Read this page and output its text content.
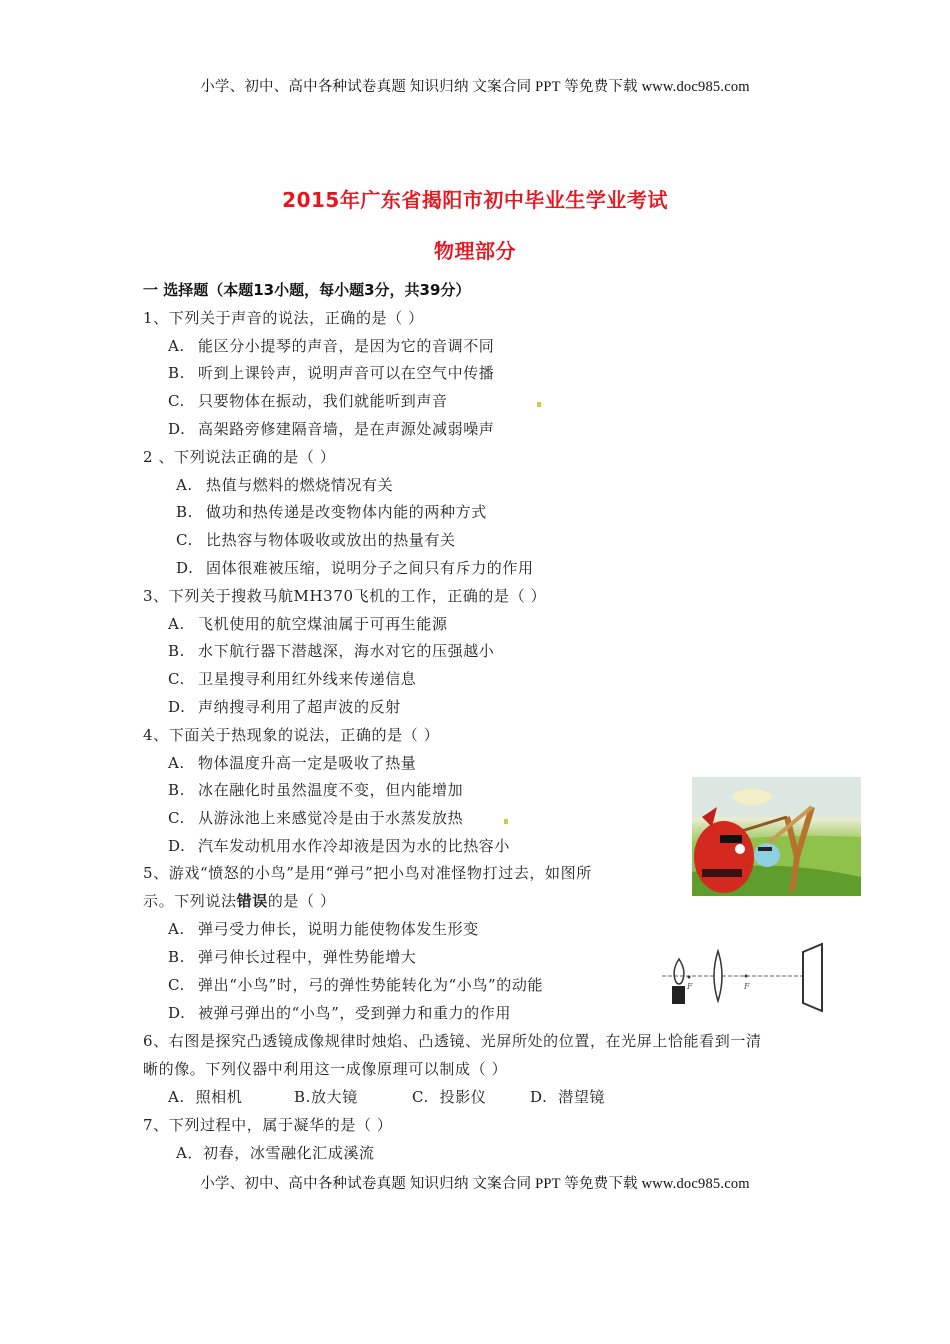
小学、初中、高中各种试卷真题 知识归纳 文案合同 PPT 等免费下载 www.doc985.com
2015年广东省揭阳市初中毕业生学业考试
物理部分
一 选择题（本题13小题，每小题3分，共39分）
1、下列关于声音的说法，正确的是（ ）
A. 能区分小提琴的声音，是因为它的音调不同
B. 听到上课铃声，说明声音可以在空气中传播
C. 只要物体在振动，我们就能听到声音
D. 高架路旁修建隔音墙，是在声源处减弱噪声
2 、下列说法正确的是（ ）
A. 热值与燃料的燃烧情况有关
B. 做功和热传递是改变物体内能的两种方式
C. 比热容与物体吸收或放出的热量有关
D. 固体很难被压缩，说明分子之间只有斥力的作用
3、下列关于搜救马航MH370飞机的工作，正确的是（ ）
A. 飞机使用的航空煤油属于可再生能源
B. 水下航行器下潜越深，海水对它的压强越小
C. 卫星搜寻利用红外线来传递信息
D. 声纳搜寻利用了超声波的反射
4、下面关于热现象的说法，正确的是（ ）
A. 物体温度升高一定是吸收了热量
B. 冰在融化时虽然温度不变，但内能增加
C. 从游泳池上来感觉冷是由于水蒸发放热
D. 汽车发动机用水作冷却液是因为水的比热容小
5、游戏“愤怒的小鸟”是用“弹弓”把小鸟对准怪物打过去，如图所
示。下列说法错误的是（ ）
A. 弹弓受力伸长，说明力能使物体发生形变
B. 弹弓伸长过程中，弹性势能增大
C. 弹出“小鸟”时，弓的弹性势能转化为“小鸟”的动能
D. 被弹弓弹出的“小鸟”，受到弹力和重力的作用
F	F
6、右图是探究凸透镜成像规律时烛焰、凸透镜、光屏所处的位置，在光屏上恰能看到一清
晰的像。下列仪器中利用这一成像原理可以制成（ ）
A. 照相机	B.放大镜	C. 投影仪	D. 潜望镜
7、下列过程中，属于凝华的是（ ）
A．初春，冰雪融化汇成溪流
小学、初中、高中各种试卷真题 知识归纳 文案合同 PPT 等免费下载 www.doc985.com
